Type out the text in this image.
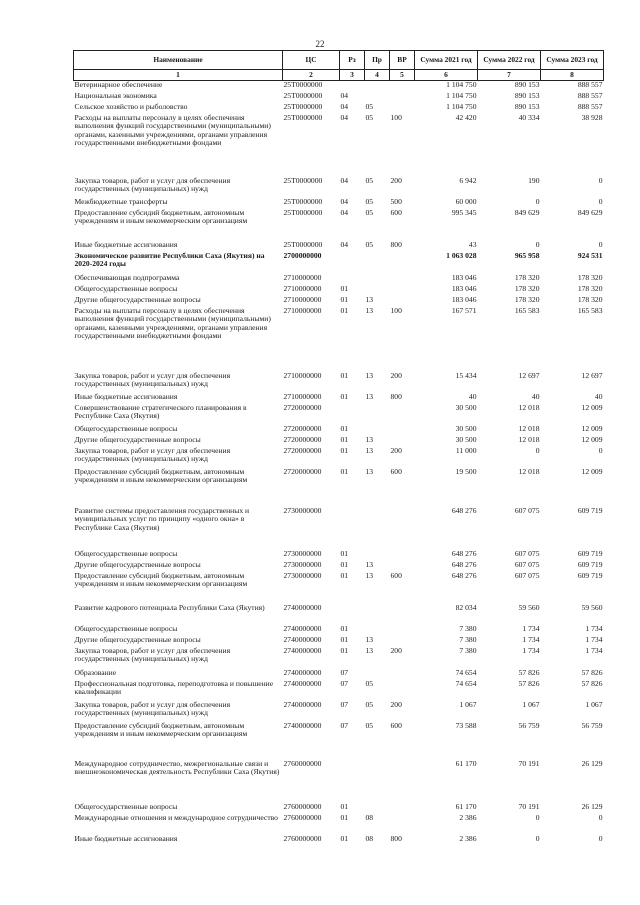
22
Наименование	ЦС	Рз	Пр	ВР	Сумма 2021 год	Сумма 2022 год	Сумма 2023 год
1	2	3	4	5	6	7	8
Ветеринарное обеспечение	25Т0000000				1 104 750	890 153	888 557
Национальная экономика	25Т0000000	04			1 104 750	890 153	888 557
Сельское хозяйство и рыболовство	25Т0000000	04	05		1 104 750	890 153	888 557
Расходы на выплаты персоналу в целях обеспечения выполнения функций государственными (муниципальными) органами, казенными учреждениями, органами управления государственными внебюджетными фондами	25Т0000000	04	05	100	42 420	40 334	38 928
Закупка товаров, работ и услуг для обеспечения государственных (муниципальных) нужд	25Т0000000	04	05	200	6 942	190	0
Межбюджетные трансферты	25Т0000000	04	05	500	60 000	0	0
Предоставление субсидий бюджетным, автономным учреждениям и иным некоммерческим организациям	25Т0000000	04	05	600	995 345	849 629	849 629
Иные бюджетные ассигнования	25Т0000000	04	05	800	43	0	0
Экономическое развитие Республики Саха (Якутия) на 2020-2024 годы	2700000000				1 063 028	965 958	924 531
Обеспечивающая подпрограмма	2710000000				183 046	178 320	178 320
Общегосударственные вопросы	2710000000	01			183 046	178 320	178 320
Другие общегосударственные вопросы	2710000000	01	13		183 046	178 320	178 320
Расходы на выплаты персоналу в целях обеспечения выполнения функций государственными (муниципальными) органами, казенными учреждениями, органами управления государственными внебюджетными фондами	2710000000	01	13	100	167 571	165 583	165 583
Закупка товаров, работ и услуг для обеспечения государственных (муниципальных) нужд	2710000000	01	13	200	15 434	12 697	12 697
Иные бюджетные ассигнования	2710000000	01	13	800	40	40	40
Совершенствование стратегического планирования в Республике Саха (Якутия)	2720000000				30 500	12 018	12 009
Общегосударственные вопросы	2720000000	01			30 500	12 018	12 009
Другие общегосударственные вопросы	2720000000	01	13		30 500	12 018	12 009
Закупка товаров, работ и услуг для обеспечения государственных (муниципальных) нужд	2720000000	01	13	200	11 000	0	0
Предоставление субсидий бюджетным, автономным учреждениям и иным некоммерческим организациям	2720000000	01	13	600	19 500	12 018	12 009
Развитие системы предоставления государственных и муниципальных услуг по принципу «одного окна» в Республике Саха (Якутия)	2730000000				648 276	607 075	609 719
Общегосударственные вопросы	2730000000	01			648 276	607 075	609 719
Другие общегосударственные вопросы	2730000000	01	13		648 276	607 075	609 719
Предоставление субсидий бюджетным, автономным учреждениям и иным некоммерческим организациям	2730000000	01	13	600	648 276	607 075	609 719
Развитие кадрового потенциала Республики Саха (Якутия)	2740000000				82 034	59 560	59 560
Общегосударственные вопросы	2740000000	01			7 380	1 734	1 734
Другие общегосударственные вопросы	2740000000	01	13		7 380	1 734	1 734
Закупка товаров, работ и услуг для обеспечения государственных (муниципальных) нужд	2740000000	01	13	200	7 380	1 734	1 734
Образование	2740000000	07			74 654	57 826	57 826
Профессиональная подготовка, переподготовка и повышение квалификации	2740000000	07	05		74 654	57 826	57 826
Закупка товаров, работ и услуг для обеспечения государственных (муниципальных) нужд	2740000000	07	05	200	1 067	1 067	1 067
Предоставление субсидий бюджетным, автономным учреждениям и иным некоммерческим организациям	2740000000	07	05	600	73 588	56 759	56 759
Международное сотрудничество, межрегиональные связи и внешнеэкономическая деятельность Республики Саха (Якутия)	2760000000				61 170	70 191	26 129
Общегосударственные вопросы	2760000000	01			61 170	70 191	26 129
Международные отношения и международное сотрудничество	2760000000	01	08		2 386	0	0
Иные бюджетные ассигнования	2760000000	01	08	800	2 386	0	0
